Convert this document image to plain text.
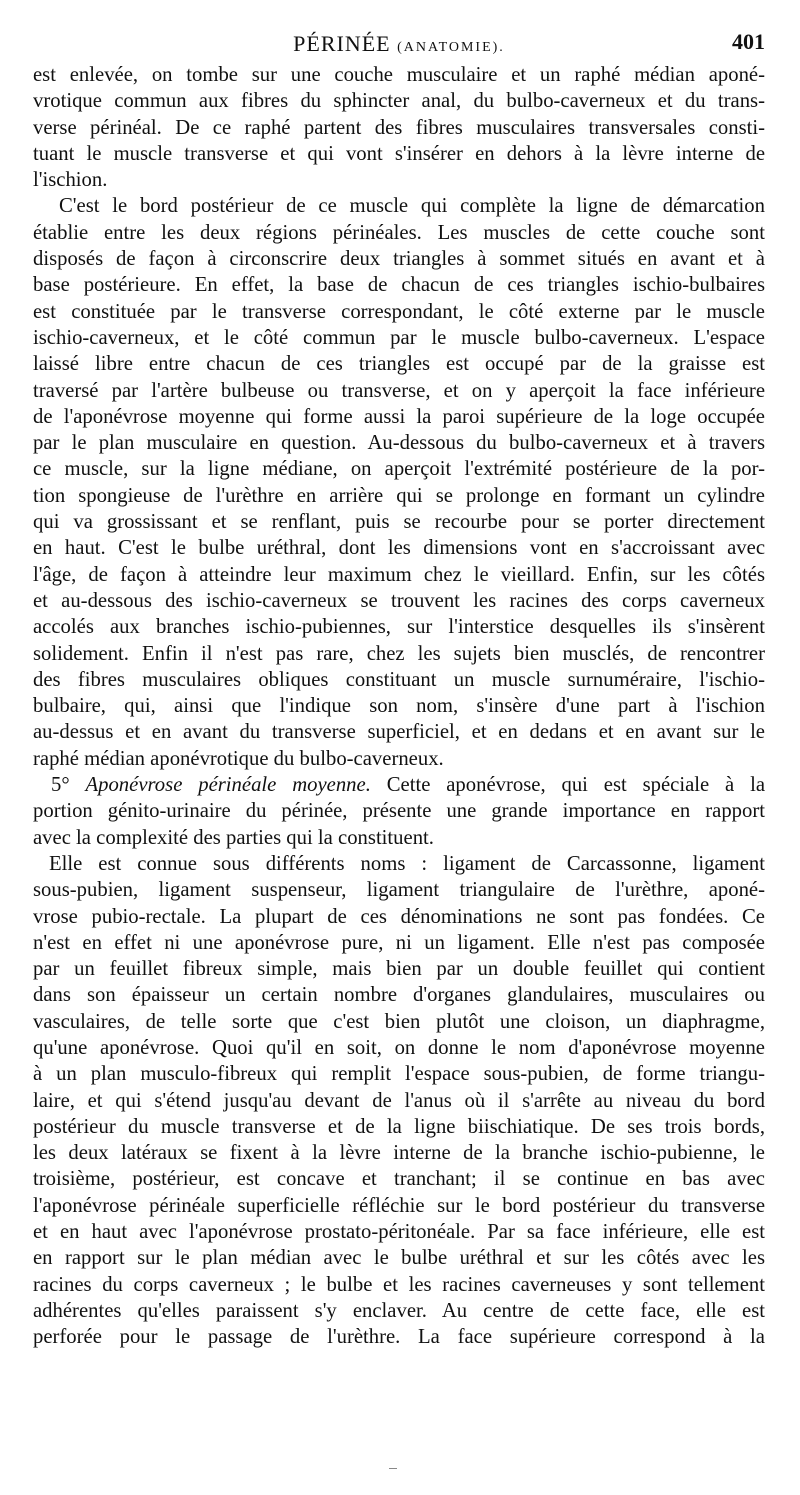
PÉRINÉE (ANATOMIE).	401
est enlevée, on tombe sur une couche musculaire et un raphé médian aponé-
vrotique commun aux fibres du sphincter anal, du bulbo-caverneux et du trans-
verse périnéal. De ce raphé partent des fibres musculaires transversales consti-
tuant le muscle transverse et qui vont s'insérer en dehors à la lèvre interne de
l'ischion.
C'est le bord postérieur de ce muscle qui complète la ligne de démarcation
établie entre les deux régions périnéales. Les muscles de cette couche sont
disposés de façon à circonscrire deux triangles à sommet situés en avant et à
base postérieure. En effet, la base de chacun de ces triangles ischio-bulbaires
est constituée par le transverse correspondant, le côté externe par le muscle
ischio-caverneux, et le côté commun par le muscle bulbo-caverneux. L'espace
laissé libre entre chacun de ces triangles est occupé par de la graisse est
traversé par l'artère bulbeuse ou transverse, et on y aperçoit la face inférieure
de l'aponévrose moyenne qui forme aussi la paroi supérieure de la loge occupée
par le plan musculaire en question. Au-dessous du bulbo-caverneux et à travers
ce muscle, sur la ligne médiane, on aperçoit l'extrémité postérieure de la por-
tion spongieuse de l'urèthre en arrière qui se prolonge en formant un cylindre
qui va grossissant et se renflant, puis se recourbe pour se porter directement
en haut. C'est le bulbe uréthral, dont les dimensions vont en s'accroissant avec
l'âge, de façon à atteindre leur maximum chez le vieillard. Enfin, sur les côtés
et au-dessous des ischio-caverneux se trouvent les racines des corps caverneux
accolés aux branches ischio-pubiennes, sur l'interstice desquelles ils s'insèrent
solidement. Enfin il n'est pas rare, chez les sujets bien musclés, de rencontrer
des fibres musculaires obliques constituant un muscle surnuméraire, l'ischio-
bulbaire, qui, ainsi que l'indique son nom, s'insère d'une part à l'ischion
au-dessus et en avant du transverse superficiel, et en dedans et en avant sur le
raphé médian aponévrotique du bulbo-caverneux.
5° Aponévrose périnéale moyenne. Cette aponévrose, qui est spéciale à la
portion génito-urinaire du périnée, présente une grande importance en rapport
avec la complexité des parties qui la constituent.
Elle est connue sous différents noms : ligament de Carcassonne, ligament
sous-pubien, ligament suspenseur, ligament triangulaire de l'urèthre, aponé-
vrose pubio-rectale. La plupart de ces dénominations ne sont pas fondées. Ce
n'est en effet ni une aponévrose pure, ni un ligament. Elle n'est pas composée
par un feuillet fibreux simple, mais bien par un double feuillet qui contient
dans son épaisseur un certain nombre d'organes glandulaires, musculaires ou
vasculaires, de telle sorte que c'est bien plutôt une cloison, un diaphragme,
qu'une aponévrose. Quoi qu'il en soit, on donne le nom d'aponévrose moyenne
à un plan musculo-fibreux qui remplit l'espace sous-pubien, de forme triangu-
laire, et qui s'étend jusqu'au devant de l'anus où il s'arrête au niveau du bord
postérieur du muscle transverse et de la ligne biischiatique. De ses trois bords,
les deux latéraux se fixent à la lèvre interne de la branche ischio-pubienne, le
troisième, postérieur, est concave et tranchant; il se continue en bas avec
l'aponévrose périnéale superficielle réfléchie sur le bord postérieur du transverse
et en haut avec l'aponévrose prostato-péritonéale. Par sa face inférieure, elle est
en rapport sur le plan médian avec le bulbe uréthral et sur les côtés avec les
racines du corps caverneux ; le bulbe et les racines caverneuses y sont tellement
adhérentes qu'elles paraissent s'y enclaver. Au centre de cette face, elle est
perforée pour le passage de l'urèthre. La face supérieure correspond à la
